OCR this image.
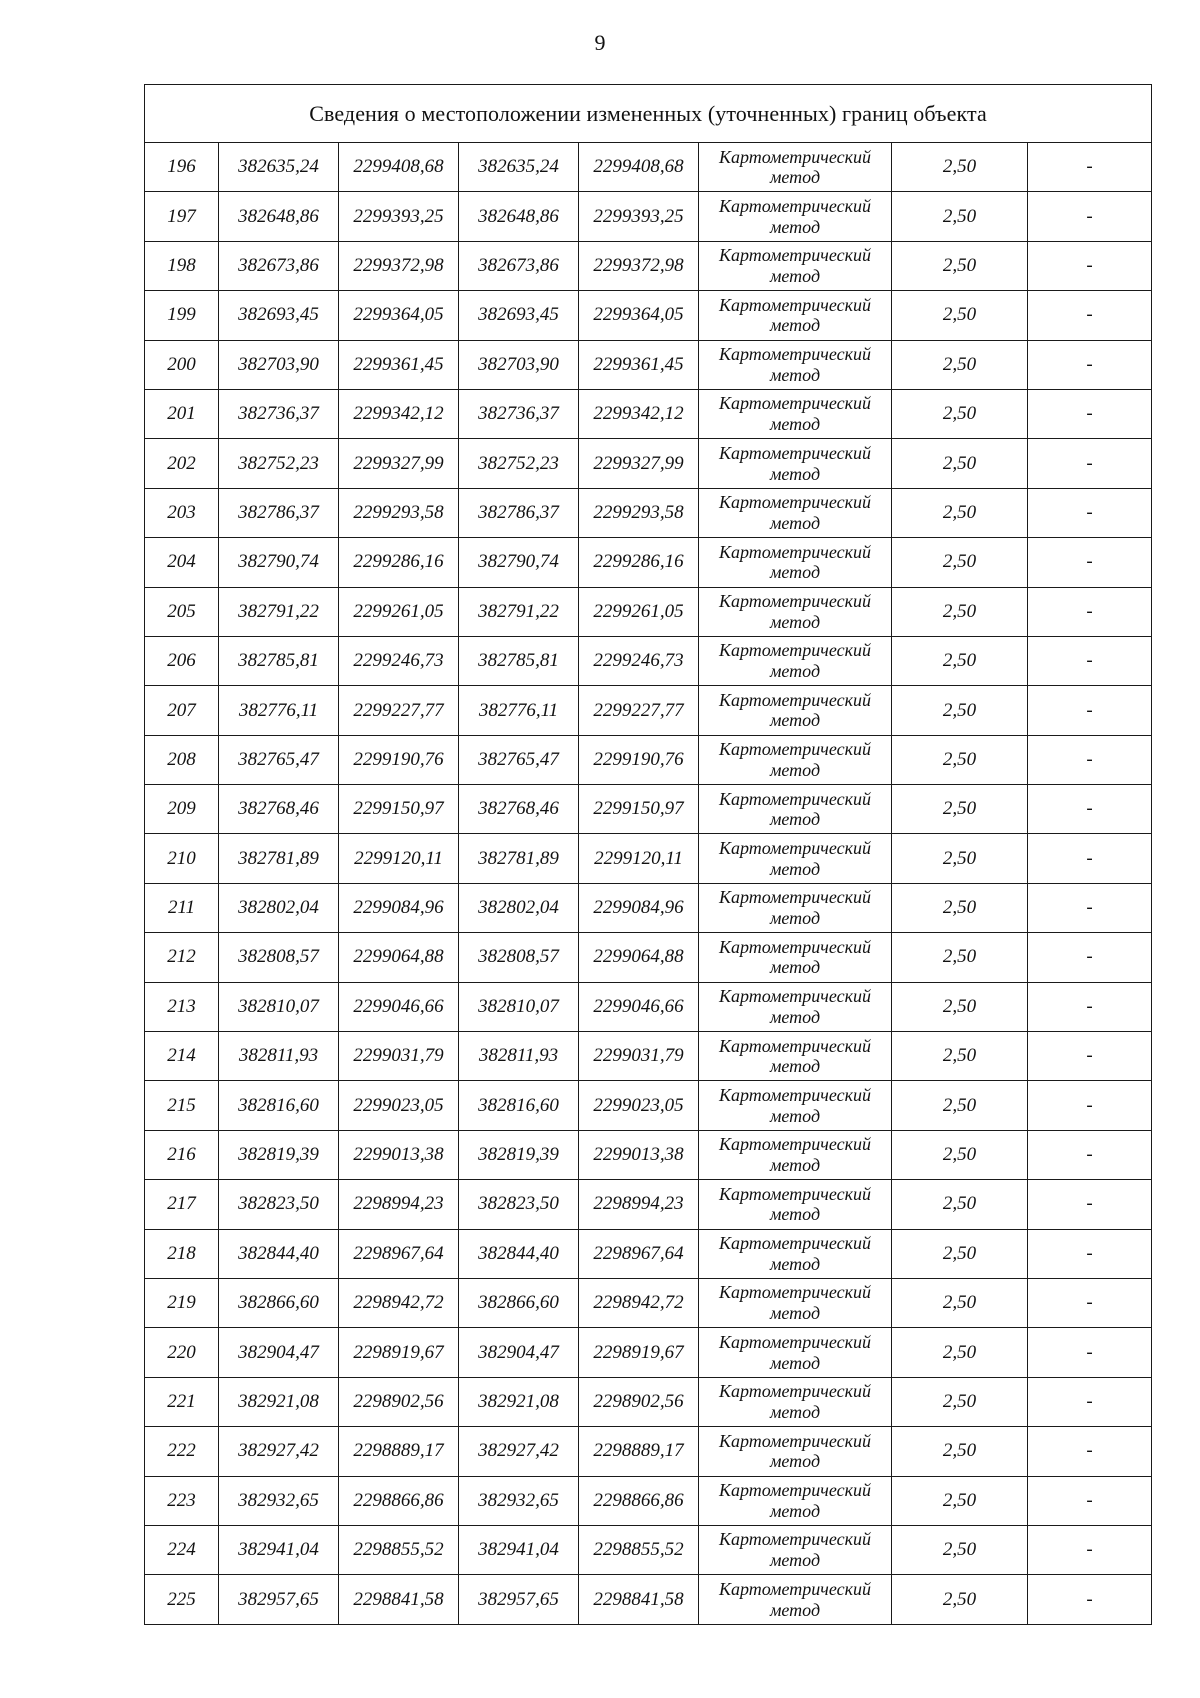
9
Сведения о местоположении измененных (уточненных) границ объекта							
196	382635,24	2299408,68	382635,24	2299408,68	Картометрический
метод	2,50	-
197	382648,86	2299393,25	382648,86	2299393,25	Картометрический
метод	2,50	-
198	382673,86	2299372,98	382673,86	2299372,98	Картометрический
метод	2,50	-
199	382693,45	2299364,05	382693,45	2299364,05	Картометрический
метод	2,50	-
200	382703,90	2299361,45	382703,90	2299361,45	Картометрический
метод	2,50	-
201	382736,37	2299342,12	382736,37	2299342,12	Картометрический
метод	2,50	-
202	382752,23	2299327,99	382752,23	2299327,99	Картометрический
метод	2,50	-
203	382786,37	2299293,58	382786,37	2299293,58	Картометрический
метод	2,50	-
204	382790,74	2299286,16	382790,74	2299286,16	Картометрический
метод	2,50	-
205	382791,22	2299261,05	382791,22	2299261,05	Картометрический
метод	2,50	-
206	382785,81	2299246,73	382785,81	2299246,73	Картометрический
метод	2,50	-
207	382776,11	2299227,77	382776,11	2299227,77	Картометрический
метод	2,50	-
208	382765,47	2299190,76	382765,47	2299190,76	Картометрический
метод	2,50	-
209	382768,46	2299150,97	382768,46	2299150,97	Картометрический
метод	2,50	-
210	382781,89	2299120,11	382781,89	2299120,11	Картометрический
метод	2,50	-
211	382802,04	2299084,96	382802,04	2299084,96	Картометрический
метод	2,50	-
212	382808,57	2299064,88	382808,57	2299064,88	Картометрический
метод	2,50	-
213	382810,07	2299046,66	382810,07	2299046,66	Картометрический
метод	2,50	-
214	382811,93	2299031,79	382811,93	2299031,79	Картометрический
метод	2,50	-
215	382816,60	2299023,05	382816,60	2299023,05	Картометрический
метод	2,50	-
216	382819,39	2299013,38	382819,39	2299013,38	Картометрический
метод	2,50	-
217	382823,50	2298994,23	382823,50	2298994,23	Картометрический
метод	2,50	-
218	382844,40	2298967,64	382844,40	2298967,64	Картометрический
метод	2,50	-
219	382866,60	2298942,72	382866,60	2298942,72	Картометрический
метод	2,50	-
220	382904,47	2298919,67	382904,47	2298919,67	Картометрический
метод	2,50	-
221	382921,08	2298902,56	382921,08	2298902,56	Картометрический
метод	2,50	-
222	382927,42	2298889,17	382927,42	2298889,17	Картометрический
метод	2,50	-
223	382932,65	2298866,86	382932,65	2298866,86	Картометрический
метод	2,50	-
224	382941,04	2298855,52	382941,04	2298855,52	Картометрический
метод	2,50	-
225	382957,65	2298841,58	382957,65	2298841,58	Картометрический
метод	2,50	-
